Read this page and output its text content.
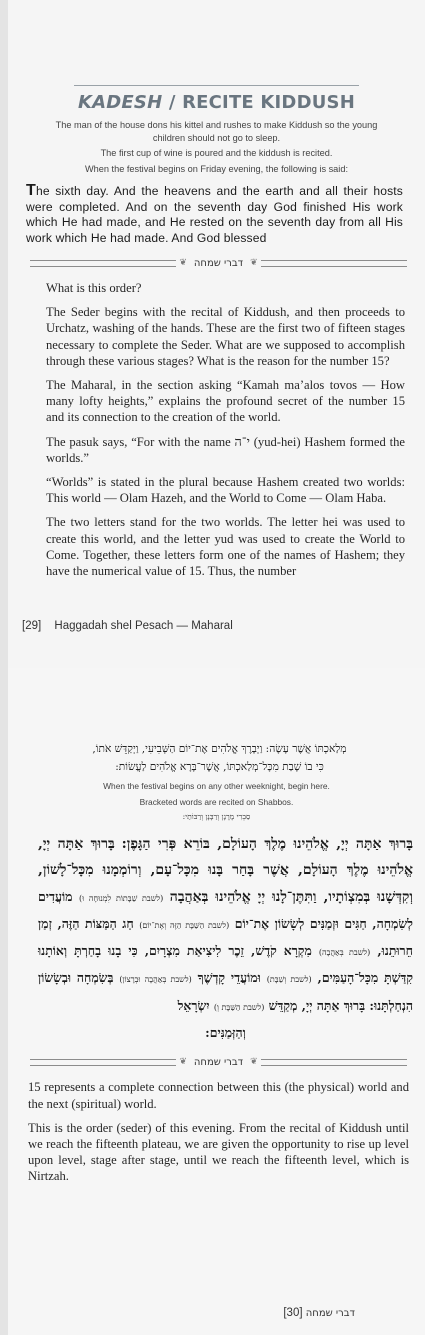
KADESH / RECITE KIDDUSH
The man of the house dons his kittel and rushes to make Kiddush so the young children should not go to sleep.
The first cup of wine is poured and the kiddush is recited.
When the festival begins on Friday evening, the following is said:
The sixth day. And the heavens and the earth and all their hosts were completed. And on the seventh day God finished His work which He had made, and He rested on the seventh day from all His work which He had made. And God blessed
❦ דברי שמחה ❦

What is this order?

The Seder begins with the recital of Kiddush, and then proceeds to Urchatz, washing of the hands. These are the first two of fifteen stages necessary to complete the Seder. What are we supposed to accomplish through these various stages? What is the reason for the number 15?

The Maharal, in the section asking “Kamah ma’alos tovos — How many lofty heights,” explains the profound secret of the number 15 and its connection to the creation of the world.

The pasuk says, “For with the name י־ה (yud-hei) Hashem formed the worlds.”

“Worlds” is stated in the plural because Hashem created two worlds: This world — Olam Hazeh, and the World to Come — Olam Haba.

The two letters stand for the two worlds. The letter hei was used to create this world, and the letter yud was used to create the World to Come. Together, these letters form one of the names of Hashem; they have the numerical value of 15. Thus, the number

[29] Haggadah shel Pesach — Maharal
מְלַאכְתּוֹ אֲשֶׁר עָשָׂה: וַיְבָרֶךְ אֱלֹהִים אֶת־יוֹם הַשְּׁבִיעִי, וַיְקַדֵּשׁ אֹתוֹ,
כִּי בוֹ שָׁבַת מִכָּל־מְלַאכְתּוֹ, אֲשֶׁר־בָּרָא אֱלֹהִים לַעֲשׂוֹת:
When the festival begins on any other weeknight, begin here.
Bracketed words are recited on Shabbos.
סַבְרִי מָרָנָן וְרַבָּנָן וְרַבּוֹתַי:
בָּרוּךְ אַתָּה יְיָ, אֱלֹהֵינוּ מֶלֶךְ הָעוֹלָם, בּוֹרֵא פְּרִי הַגָּפֶן: בָּרוּךְ אַתָּה יְיָ, אֱלֹהֵינוּ מֶלֶךְ הָעוֹלָם, אֲשֶׁר בָּחַר בָּנוּ מִכָּל־עָם, וְרוֹמְמָנוּ מִכָּל־לָשׁוֹן, וְקִדְּשָׁנוּ בְּמִצְוֹתָיו, וַתִּתֶּן־לָנוּ יְיָ אֱלֹהֵינוּ בְּאַהֲבָה (לשבת שַׁבָּתוֹת לִמְנוּחָה וּ) מוֹעֲדִים לְשִׂמְחָה, חַגִּים וּזְמַנִּים לְשָׂשׂוֹן אֶת־יוֹם (לשבת הַשַּׁבָּת הַזֶּה וְאֶת־יוֹם) חַג הַמַּצּוֹת הַזֶּה, זְמַן חֵרוּתֵנוּ, (לשבת בְּאַהֲבָה) מִקְרָא קֹדֶשׁ, זֵכֶר לִיצִיאַת מִצְרָיִם, כִּי בָנוּ בָחַרְתָּ וְאוֹתָנוּ קִדַּשְׁתָּ מִכָּל־הָעַמִּים, (לשבת וְשַׁבָּת) וּמוֹעֲדֵי קָדְשֶׁךָ (לשבת בְּאַהֲבָה וּבְרָצוֹן) בְּשִׂמְחָה וּבְשָׂשׂוֹן הִנְחַלְתָּנוּ: בָּרוּךְ אַתָּה יְיָ, מְקַדֵּשׁ (לשבת הַשַּׁבָּת וְ) יִשְׂרָאֵל
וְהַזְּמַנִּים:
❦ דברי שמחה ❦

15 represents a complete connection between this (the physical) world and the next (spiritual) world.

This is the order (seder) of this evening. From the recital of Kiddush until we reach the fifteenth plateau, we are given the opportunity to rise up level upon level, stage after stage, until we reach the fifteenth level, which is Nirtzah.

דברי שמחה [30]
